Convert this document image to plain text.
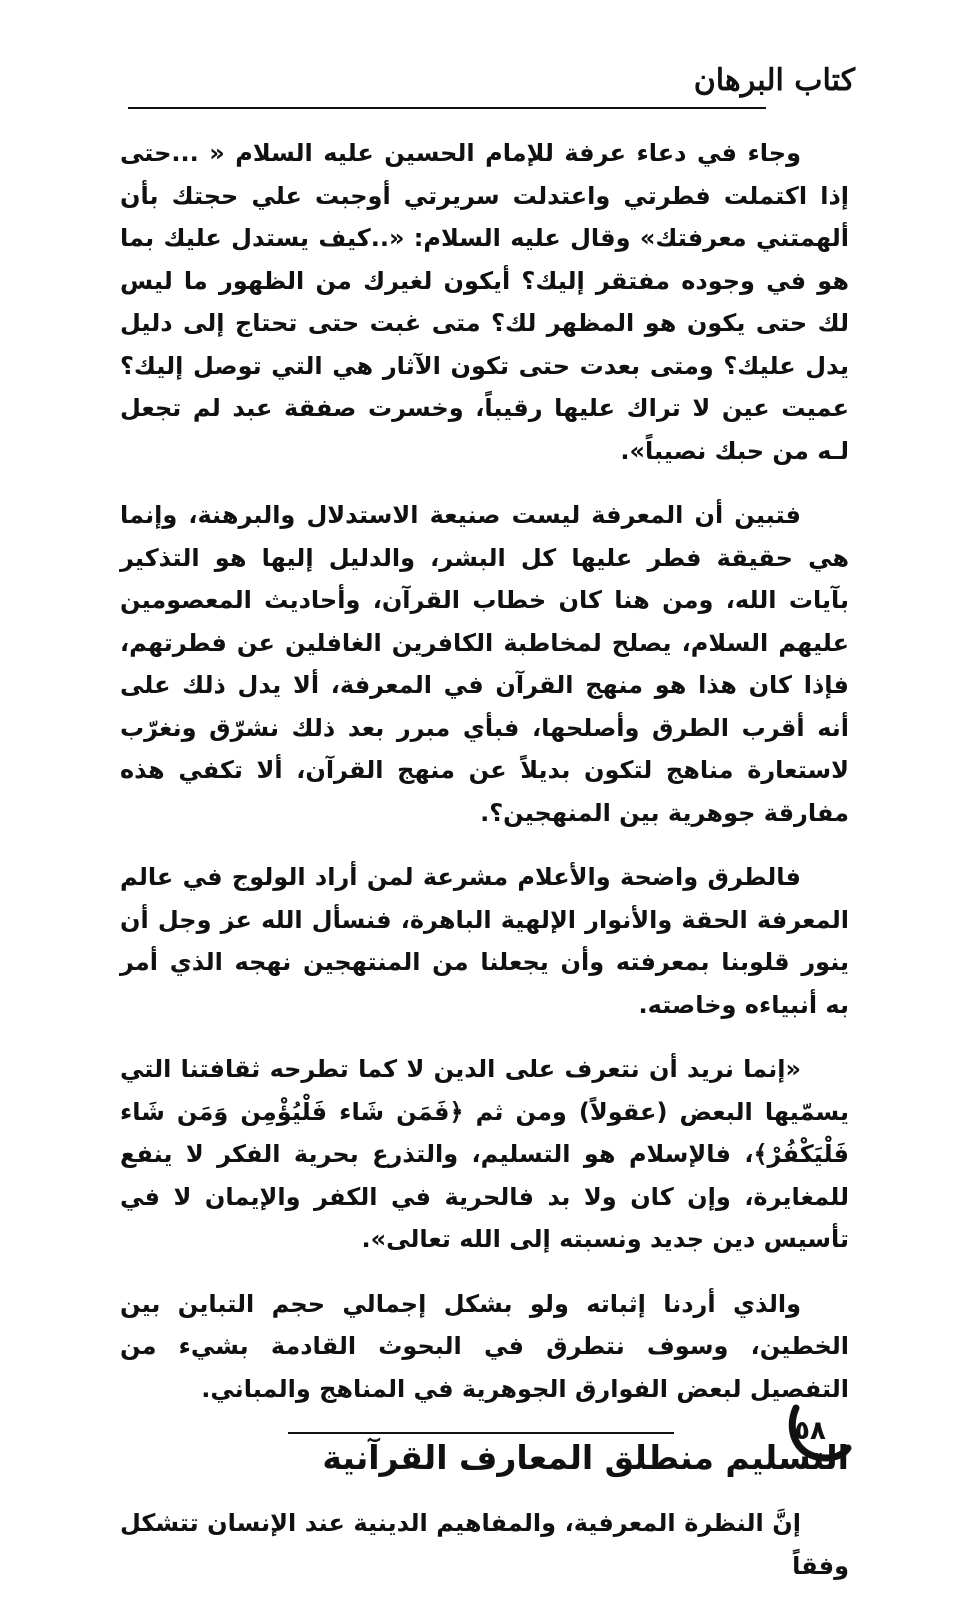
كتاب البرهان

وجاء في دعاء عرفة للإمام الحسين عليه السلام « ...حتى إذا اكتملت فطرتي واعتدلت سريرتي أوجبت علي حجتك بأن ألهمتني معرفتك» وقال عليه السلام: «..كيف يستدل عليك بما هو في وجوده مفتقر إليك؟ أيكون لغيرك من الظهور ما ليس لك حتى يكون هو المظهر لك؟ متى غبت حتى تحتاج إلى دليل يدل عليك؟ ومتى بعدت حتى تكون الآثار هي التي توصل إليك؟ عميت عين لا تراك عليها رقيباً، وخسرت صفقة عبد لم تجعل لـه من حبك نصيباً».

فتبين أن المعرفة ليست صنيعة الاستدلال والبرهنة، وإنما هي حقيقة فطر عليها كل البشر، والدليل إليها هو التذكير بآيات الله، ومن هنا كان خطاب القرآن، وأحاديث المعصومين عليهم السلام، يصلح لمخاطبة الكافرين الغافلين عن فطرتهم، فإذا كان هذا هو منهج القرآن في المعرفة، ألا يدل ذلك على أنه أقرب الطرق وأصلحها، فبأي مبرر بعد ذلك نشرّق ونغرّب لاستعارة مناهج لتكون بديلاً عن منهج القرآن، ألا تكفي هذه مفارقة جوهرية بين المنهجين؟.

فالطرق واضحة والأعلام مشرعة لمن أراد الولوج في عالم المعرفة الحقة والأنوار الإلهية الباهرة، فنسأل الله عز وجل أن ينور قلوبنا بمعرفته وأن يجعلنا من المنتهجين نهجه الذي أمر به أنبياءه وخاصته.

«إنما نريد أن نتعرف على الدين لا كما تطرحه ثقافتنا التي يسمّيها البعض (عقولاً) ومن ثم ﴿فَمَن شَاء فَلْيُؤْمِن وَمَن شَاء فَلْيَكْفُرْ﴾، فالإسلام هو التسليم، والتذرع بحرية الفكر لا ينفع للمغايرة، وإن كان ولا بد فالحرية في الكفر والإيمان لا في تأسيس دين جديد ونسبته إلى الله تعالى».

والذي أردنا إثباته ولو بشكل إجمالي حجم التباين بين الخطين، وسوف نتطرق في البحوث القادمة بشيء من التفصيل لبعض الفوارق الجوهرية في المناهج والمباني.

التسليم منطلق المعارف القرآنية

إنَّ النظرة المعرفية، والمفاهيم الدينية عند الإنسان تتشكل وفقاً

٥٨
